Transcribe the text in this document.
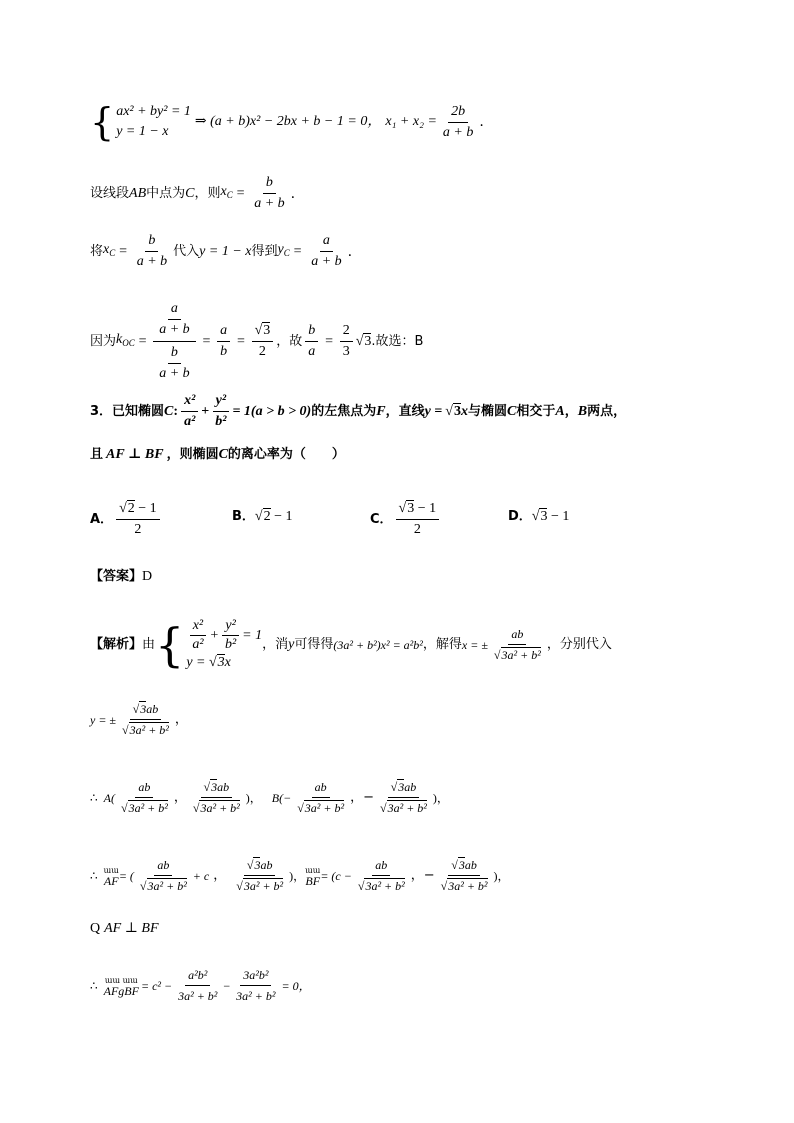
{ ax² + by² = 1
y = 1 − x
⇒ (a + b)x² − 2bx + b − 1 = 0， $x_1 + x_2 = \frac{2b}{a + b}$ .
设线段 AB 中点为 C ，则 $x_C = \frac{b}{a + b}$ .
将 $x_C = \frac{b}{a + b}$ 代入 y = 1 − x 得到 $y_C = \frac{a}{a + b}$ .
因为 $k_{OC} = \frac{\frac{a}{a + b}}{\frac{b}{a + b}} = \frac{a}{b} = \frac{√3}{2}$ ，故 $\frac{b}{a} = \frac{2}{3} √3$ .故选：B
3．已知椭圆 C : $\frac{\text{x²}}{\text{a²}} + \frac{\text{y²}}{\text{b²}} = 1(a > b > 0)$ 的左焦点为 F ，直线 y = √3 x 与椭圆 C 相交于 A ， B 两点，
且 AF ⊥ BF ，则椭圆 C 的离心率为（　　）
A． $\frac{√2 - 1}{2}$	B． √2 − 1	C． $\frac{√3 - 1}{2}$	D． √3 − 1
【答案】 D
【解析】 由 { $\frac{\text{x²}}{\text{a²}} + \frac{\text{y²}}{\text{b²}} = 1$
y = √3x
，消 y 可得得 (3a² + b²)x² = a²b² ，解得 x = ± $\frac{ab}{\text{√3a² + b²}}$ ，分别代入
y = ± $\frac{√3ab}{\text{√3a² + b²}}$ ，
∴ $A( \frac{ab}{\text{√3a² + b²}}$ ， $\frac{√3ab}{\text{√3a² + b²}}$ )， $B(- \frac{ab}{\text{√3a² + b²}}$ ，− $\frac{√3ab}{\text{√3a² + b²}}$ )，
∴ ɯɯ
AF = ( $\frac{ab}{\text{√3a² + b²}} + c$ ， $\frac{√3ab}{\text{√3a² + b²}}$ )， ɯɯ
BF = ($c - \frac{ab}{\text{√3a² + b²}}$ ，− $\frac{√3ab}{\text{√3a² + b²}}$ )，
Q AF ⊥ BF
∴ ɯɯ ɯɯ
AFgBF = $c^2 - \frac{\text{a²b²}}{\text{3a² + b²}} - \frac{\text{3a²b²}}{\text{3a² + b²}} = 0$，
